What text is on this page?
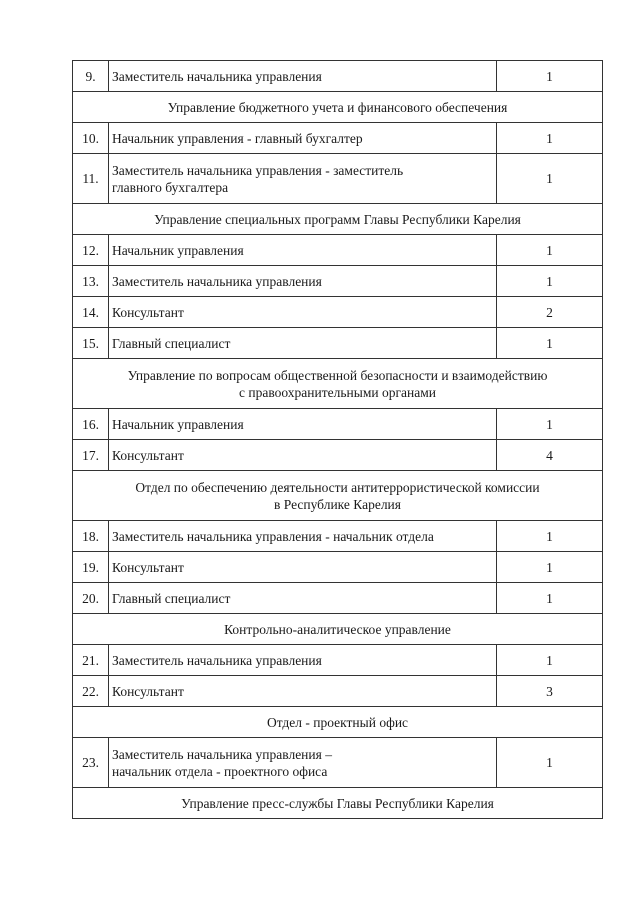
9.	Заместитель начальника управления	1

Управление бюджетного учета и финансового обеспечения		

10.	Начальник управления - главный бухгалтер	1
11.	Заместитель начальника управления - заместитель
главного бухгалтера	1

Управление специальных программ Главы Республики Карелия		

12.	Начальник управления	1
13.	Заместитель начальника управления	1
14.	Консультант	2
15.	Главный специалист	1

Управление по вопросам общественной безопасности и взаимодействию
с правоохранительными органами		

16.	Начальник управления	1
17.	Консультант	4

Отдел по обеспечению деятельности антитеррористической комиссии
в Республике Карелия		

18.	Заместитель начальника управления - начальник отдела	1
19.	Консультант	1
20.	Главный специалист	1

Контрольно-аналитическое управление		

21.	Заместитель начальника управления	1
22.	Консультант	3

Отдел - проектный офис		

23.	Заместитель начальника управления –
начальник отдела - проектного офиса	1

Управление пресс-службы Главы Республики Карелия		
